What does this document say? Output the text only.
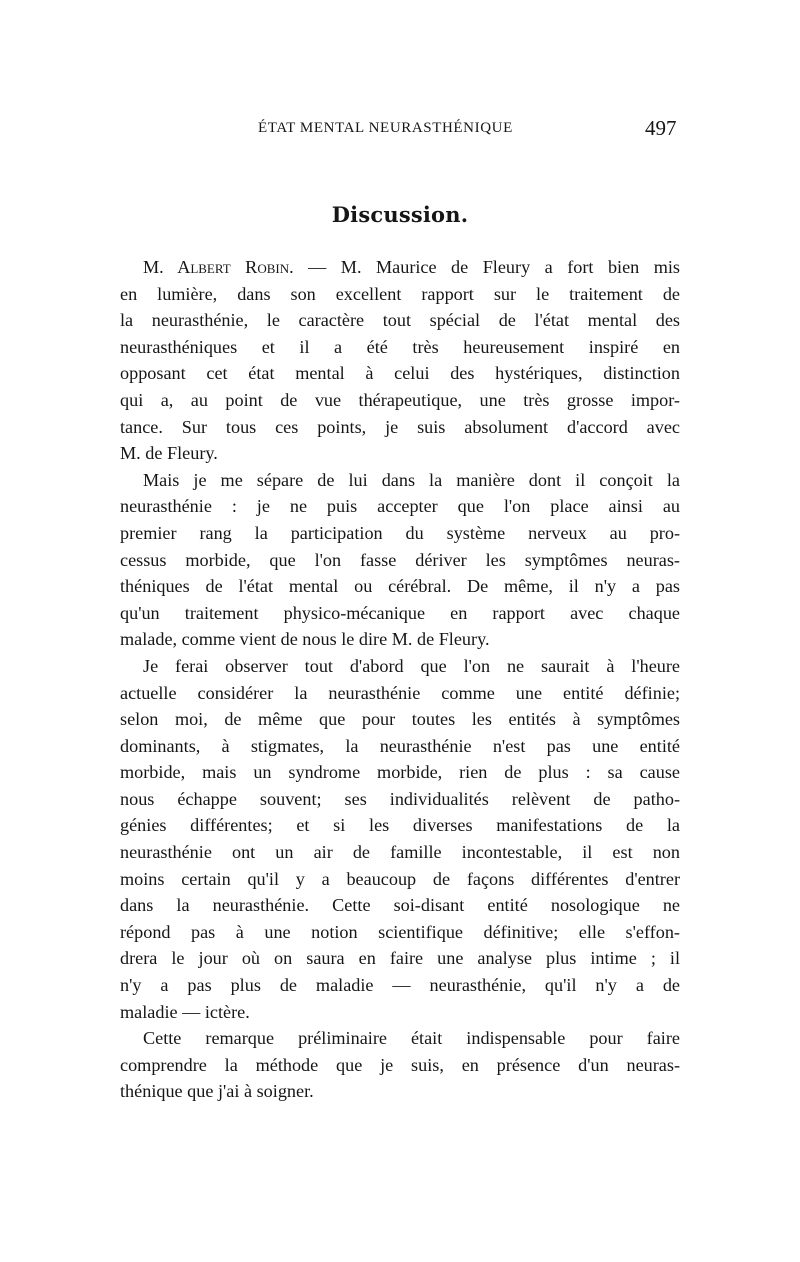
ÉTAT MENTAL NEURASTHÉNIQUE	497
Discussion.
M. Albert Robin. — M. Maurice de Fleury a fort bien mis
en lumière, dans son excellent rapport sur le traitement de
la neurasthénie, le caractère tout spécial de l'état mental des
neurasthéniques et il a été très heureusement inspiré en
opposant cet état mental à celui des hystériques, distinction
qui a, au point de vue thérapeutique, une très grosse impor-
tance. Sur tous ces points, je suis absolument d'accord avec
M. de Fleury.
Mais je me sépare de lui dans la manière dont il conçoit la
neurasthénie : je ne puis accepter que l'on place ainsi au
premier rang la participation du système nerveux au pro-
cessus morbide, que l'on fasse dériver les symptômes neuras-
théniques de l'état mental ou cérébral. De même, il n'y a pas
qu'un traitement physico-mécanique en rapport avec chaque
malade, comme vient de nous le dire M. de Fleury.
Je ferai observer tout d'abord que l'on ne saurait à l'heure
actuelle considérer la neurasthénie comme une entité définie;
selon moi, de même que pour toutes les entités à symptômes
dominants, à stigmates, la neurasthénie n'est pas une entité
morbide, mais un syndrome morbide, rien de plus : sa cause
nous échappe souvent; ses individualités relèvent de patho-
génies différentes; et si les diverses manifestations de la
neurasthénie ont un air de famille incontestable, il est non
moins certain qu'il y a beaucoup de façons différentes d'entrer
dans la neurasthénie. Cette soi-disant entité nosologique ne
répond pas à une notion scientifique définitive; elle s'effon-
drera le jour où on saura en faire une analyse plus intime ; il
n'y a pas plus de maladie — neurasthénie, qu'il n'y a de
maladie — ictère.
Cette remarque préliminaire était indispensable pour faire
comprendre la méthode que je suis, en présence d'un neuras-
thénique que j'ai à soigner.
